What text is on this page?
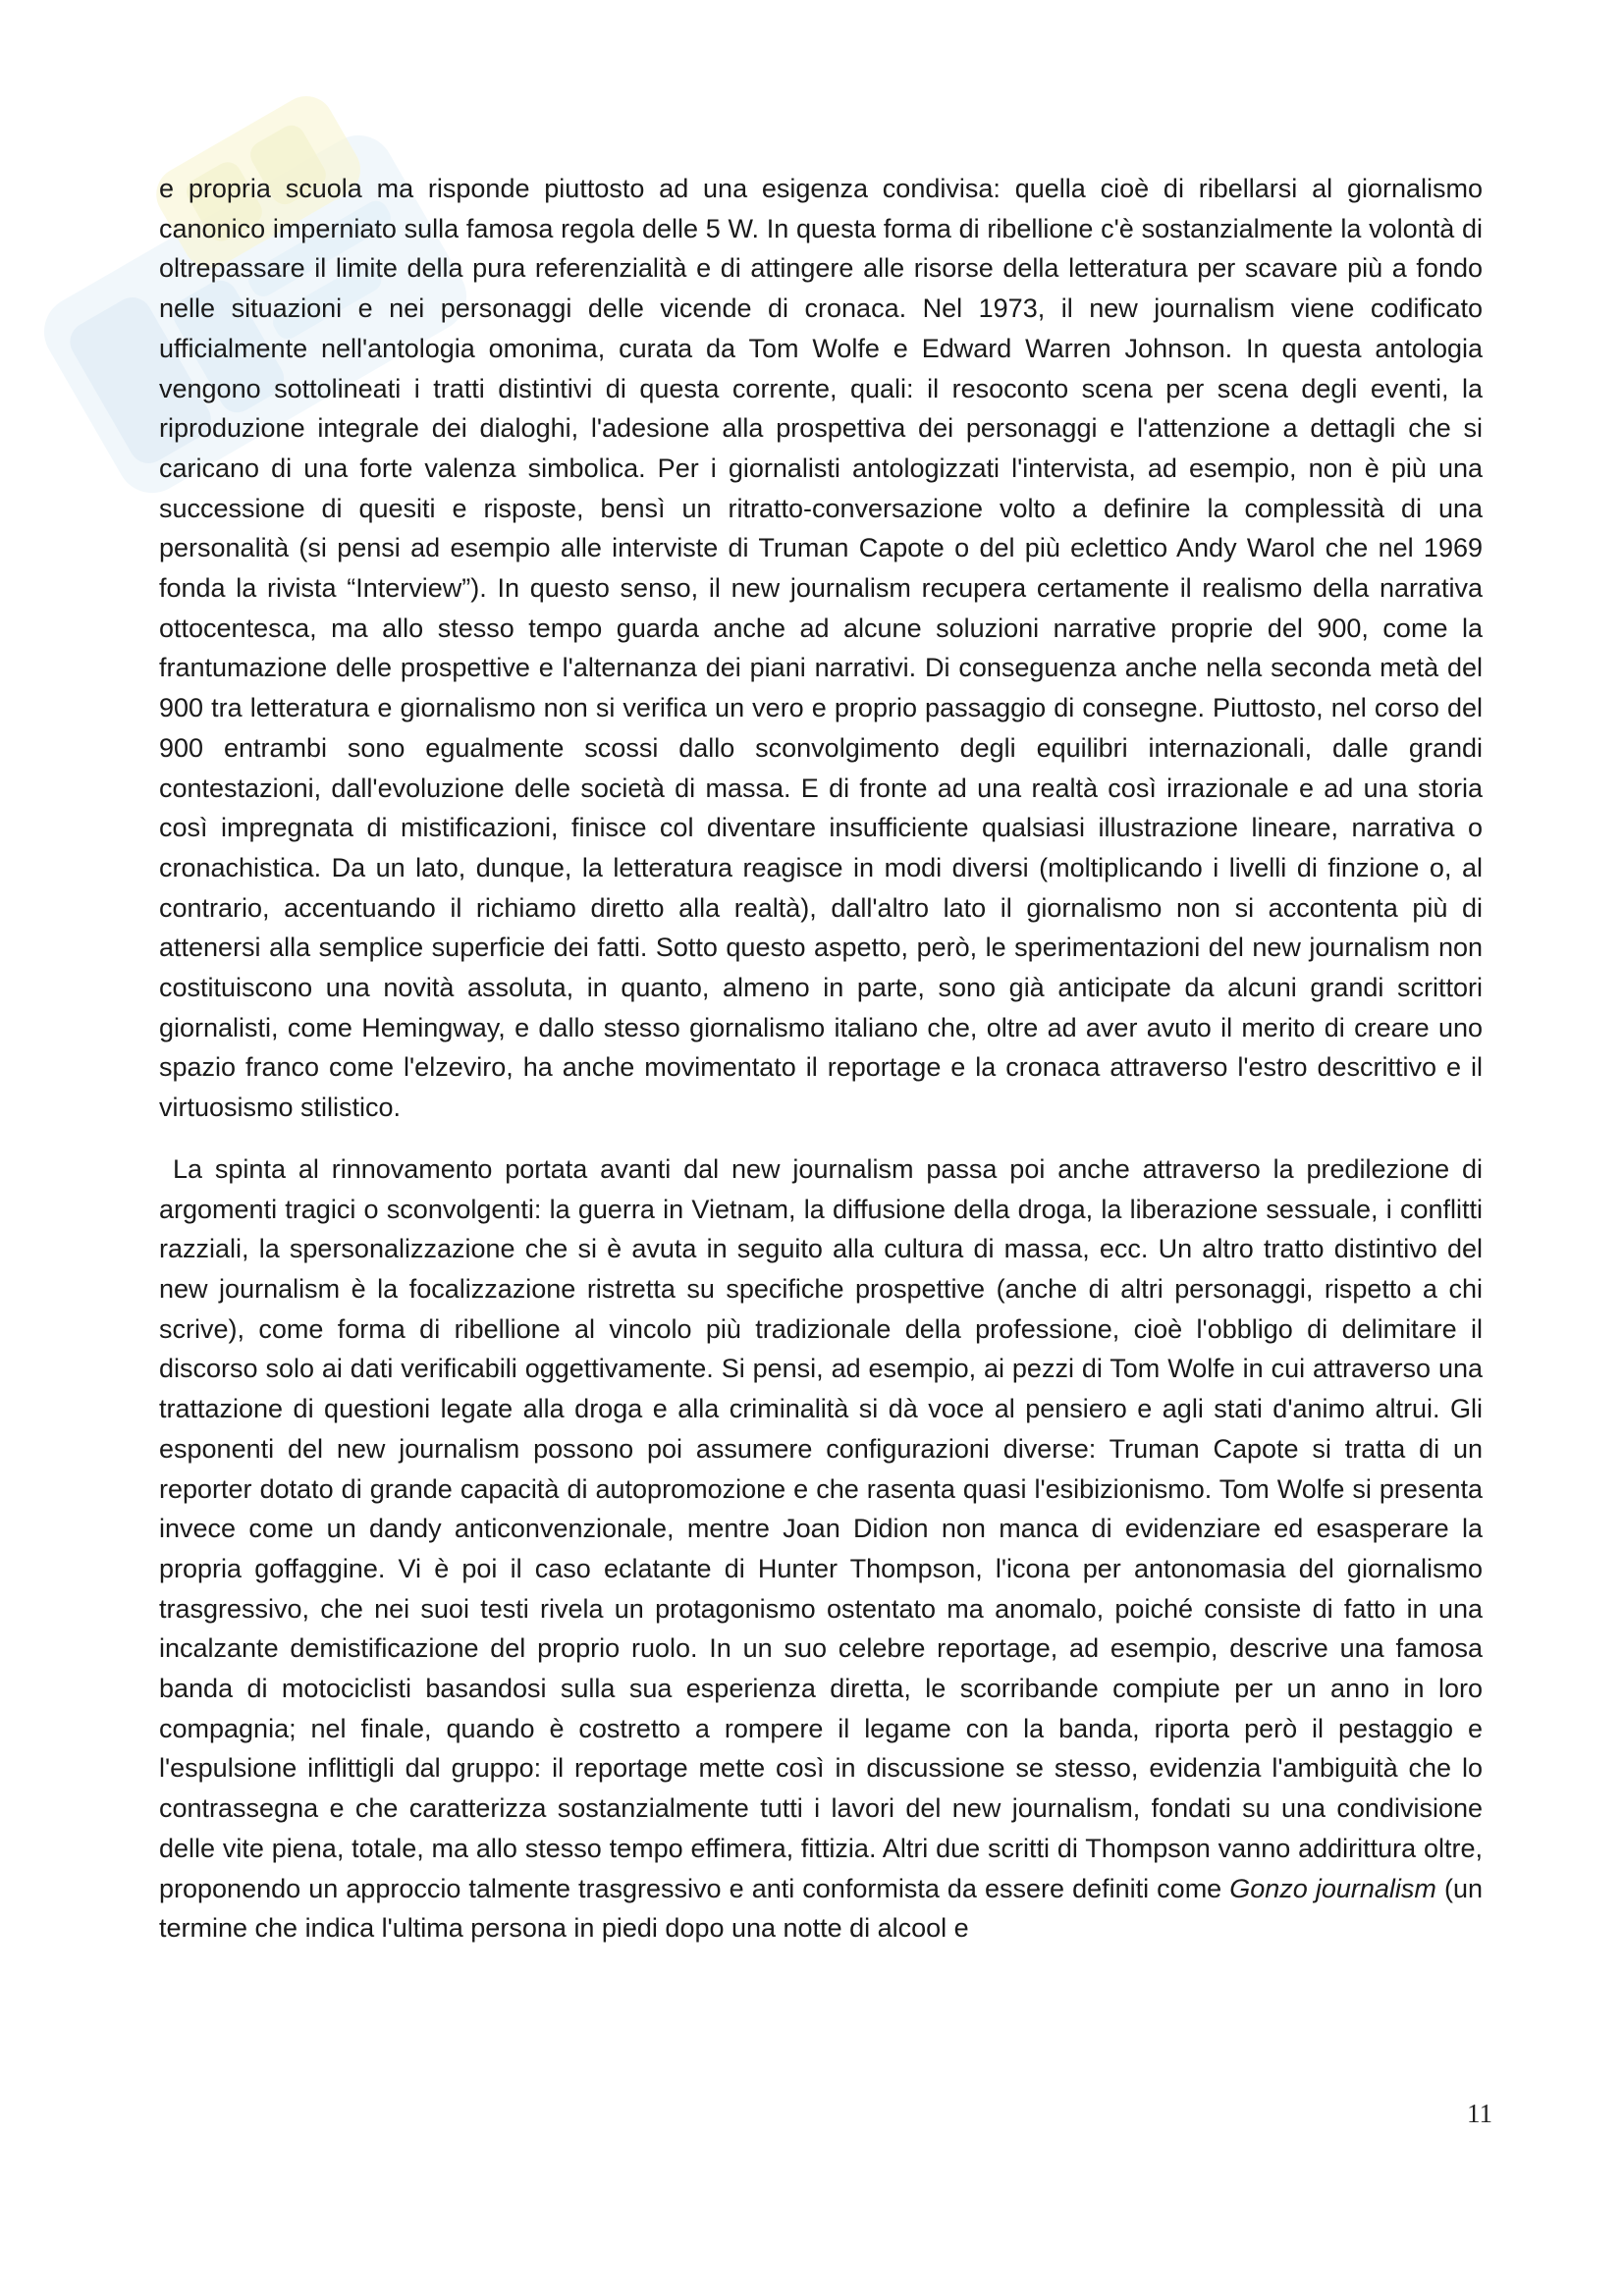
e propria scuola ma risponde piuttosto ad una esigenza condivisa: quella cioè di ribellarsi al giornalismo canonico imperniato sulla famosa regola delle 5 W. In questa forma di ribellione c'è sostanzialmente la volontà di oltrepassare il limite della pura referenzialità e di attingere alle risorse della letteratura per scavare più a fondo nelle situazioni e nei personaggi delle vicende di cronaca. Nel 1973, il new journalism viene codificato ufficialmente nell'antologia omonima, curata da Tom Wolfe e Edward Warren Johnson. In questa antologia vengono sottolineati i tratti distintivi di questa corrente, quali: il resoconto scena per scena degli eventi, la riproduzione integrale dei dialoghi, l'adesione alla prospettiva dei personaggi e l'attenzione a dettagli che si caricano di una forte valenza simbolica. Per i giornalisti antologizzati l'intervista, ad esempio, non è più una successione di quesiti e risposte, bensì un ritratto-conversazione volto a definire la complessità di una personalità (si pensi ad esempio alle interviste di Truman Capote o del più eclettico Andy Warol che nel 1969 fonda la rivista “Interview”). In questo senso, il new journalism recupera certamente il realismo della narrativa ottocentesca, ma allo stesso tempo guarda anche ad alcune soluzioni narrative proprie del 900, come la frantumazione delle prospettive e l'alternanza dei piani narrativi. Di conseguenza anche nella seconda metà del 900 tra letteratura e giornalismo non si verifica un vero e proprio passaggio di consegne. Piuttosto, nel corso del 900 entrambi sono egualmente scossi dallo sconvolgimento degli equilibri internazionali, dalle grandi contestazioni, dall'evoluzione delle società di massa. E di fronte ad una realtà così irrazionale e ad una storia così impregnata di mistificazioni, finisce col diventare insufficiente qualsiasi illustrazione lineare, narrativa o cronachistica. Da un lato, dunque, la letteratura reagisce in modi diversi (moltiplicando i livelli di finzione o, al contrario, accentuando il richiamo diretto alla realtà), dall'altro lato il giornalismo non si accontenta più di attenersi alla semplice superficie dei fatti. Sotto questo aspetto, però, le sperimentazioni del new journalism non costituiscono una novità assoluta, in quanto, almeno in parte, sono già anticipate da alcuni grandi scrittori giornalisti, come Hemingway, e dallo stesso giornalismo italiano che, oltre ad aver avuto il merito di creare uno spazio franco come l'elzeviro, ha anche movimentato il reportage e la cronaca attraverso l'estro descrittivo e il virtuosismo stilistico.

La spinta al rinnovamento portata avanti dal new journalism passa poi anche attraverso la predilezione di argomenti tragici o sconvolgenti: la guerra in Vietnam, la diffusione della droga, la liberazione sessuale, i conflitti razziali, la spersonalizzazione che si è avuta in seguito alla cultura di massa, ecc. Un altro tratto distintivo del new journalism è la focalizzazione ristretta su specifiche prospettive (anche di altri personaggi, rispetto a chi scrive), come forma di ribellione al vincolo più tradizionale della professione, cioè l'obbligo di delimitare il discorso solo ai dati verificabili oggettivamente. Si pensi, ad esempio, ai pezzi di Tom Wolfe in cui attraverso una trattazione di questioni legate alla droga e alla criminalità si dà voce al pensiero e agli stati d'animo altrui. Gli esponenti del new journalism possono poi assumere configurazioni diverse: Truman Capote si tratta di un reporter dotato di grande capacità di autopromozione e che rasenta quasi l'esibizionismo. Tom Wolfe si presenta invece come un dandy anticonvenzionale, mentre Joan Didion non manca di evidenziare ed esasperare la propria goffaggine. Vi è poi il caso eclatante di Hunter Thompson, l'icona per antonomasia del giornalismo trasgressivo, che nei suoi testi rivela un protagonismo ostentato ma anomalo, poiché consiste di fatto in una incalzante demistificazione del proprio ruolo. In un suo celebre reportage, ad esempio, descrive una famosa banda di motociclisti basandosi sulla sua esperienza diretta, le scorribande compiute per un anno in loro compagnia; nel finale, quando è costretto a rompere il legame con la banda, riporta però il pestaggio e l'espulsione inflittigli dal gruppo: il reportage mette così in discussione se stesso, evidenzia l'ambiguità che lo contrassegna e che caratterizza sostanzialmente tutti i lavori del new journalism, fondati su una condivisione delle vite piena, totale, ma allo stesso tempo effimera, fittizia. Altri due scritti di Thompson vanno addirittura oltre, proponendo un approccio talmente trasgressivo e anti conformista da essere definiti come Gonzo journalism (un termine che indica l'ultima persona in piedi dopo una notte di alcool e

11
